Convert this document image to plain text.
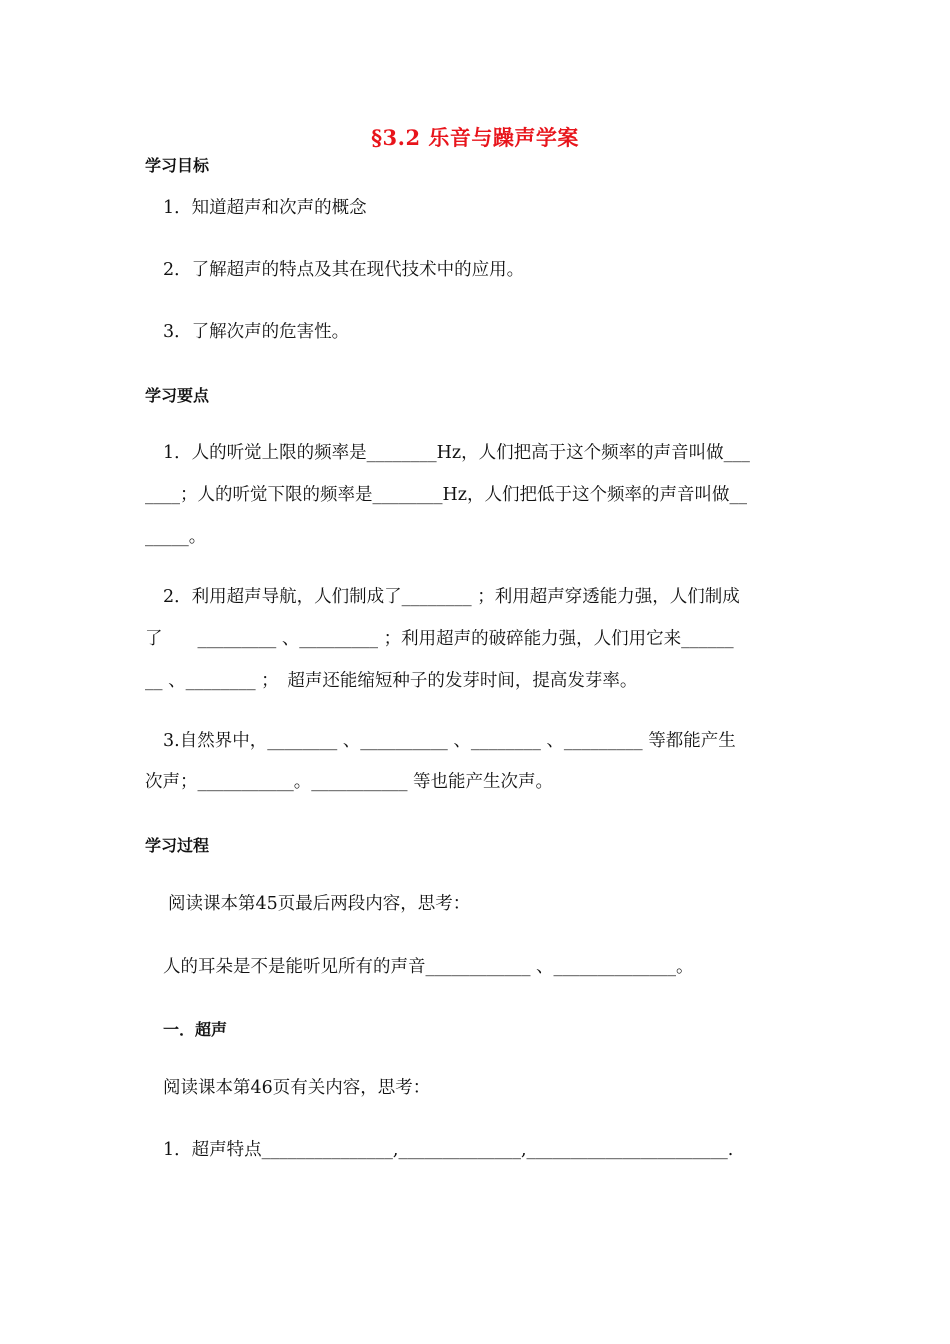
§3.2 乐音与躁声学案
学习目标
1．知道超声和次声的概念
2．了解超声的特点及其在现代技术中的应用。
3．了解次声的危害性。
学习要点
1．人的听觉上限的频率是________Hz，人们把高于这个频率的声音叫做___
____；人的听觉下限的频率是________Hz，人们把低于这个频率的声音叫做__
_____。
2．利用超声导航，人们制成了________ ；利用超声穿透能力强，人们制成
了　　_________ 、_________ ；利用超声的破碎能力强，人们用它来______
__ 、________ ；　超声还能缩短种子的发芽时间，提高发芽率。
3.自然界中，________ 、__________ 、________ 、_________ 等都能产生
次声；___________。___________ 等也能产生次声。
学习过程
阅读课本第45页最后两段内容，思考：
人的耳朵是不是能听见所有的声音____________ 、______________。
一．超声
阅读课本第46页有关内容，思考：
1．超声特点_______________,______________,_______________________.
